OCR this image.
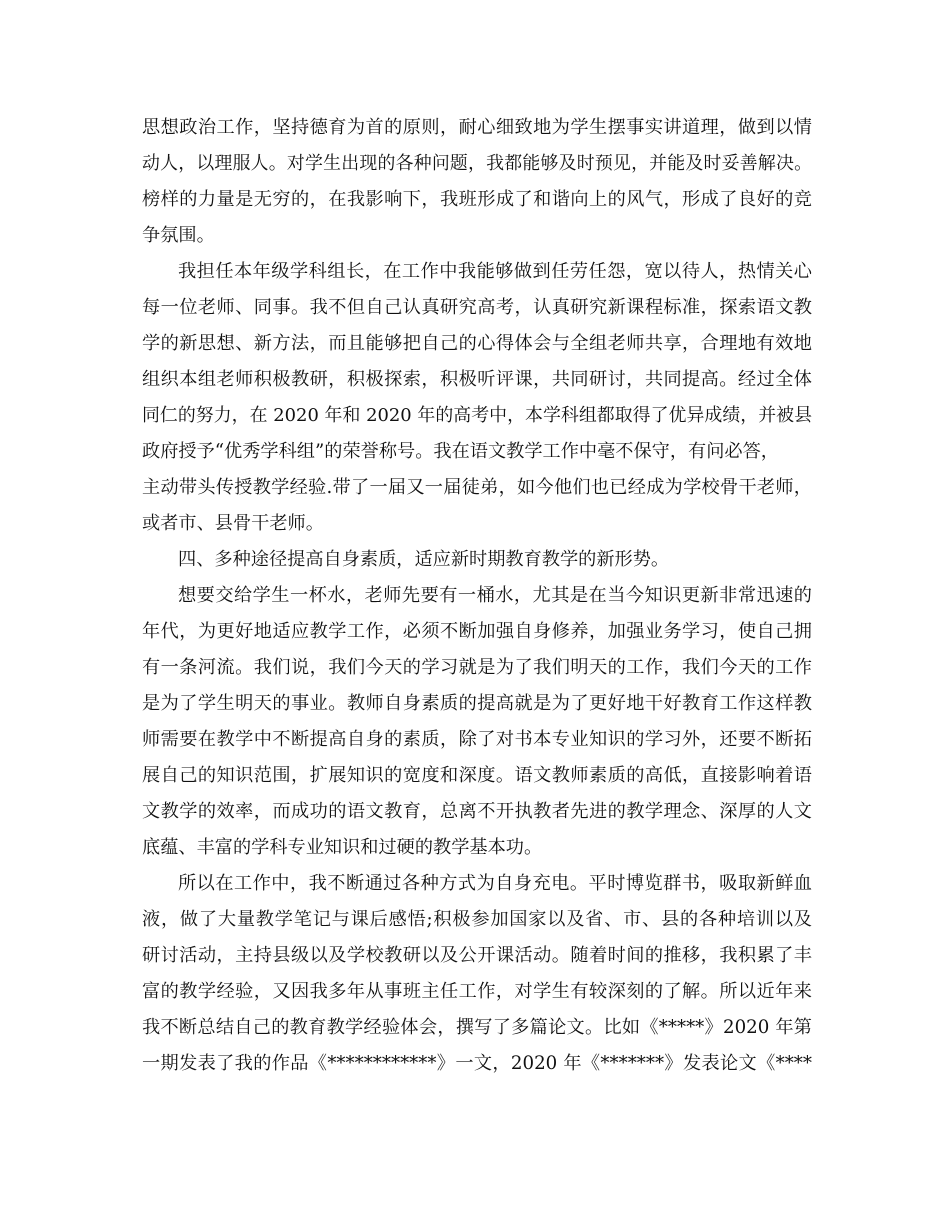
思想政治工作，坚持德育为首的原则，耐心细致地为学生摆事实讲道理，做到以情
动人，以理服人。对学生出现的各种问题，我都能够及时预见，并能及时妥善解决。
榜样的力量是无穷的，在我影响下，我班形成了和谐向上的风气，形成了良好的竞
争氛围。
我担任本年级学科组长，在工作中我能够做到任劳任怨，宽以待人，热情关心
每一位老师、同事。我不但自己认真研究高考，认真研究新课程标准，探索语文教
学的新思想、新方法，而且能够把自己的心得体会与全组老师共享，合理地有效地
组织本组老师积极教研，积极探索，积极听评课，共同研讨，共同提高。经过全体
同仁的努力，在 2020 年和 2020 年的高考中，本学科组都取得了优异成绩，并被县
政府授予“优秀学科组”的荣誉称号。我在语文教学工作中毫不保守，有问必答，
主动带头传授教学经验.带了一届又一届徒弟，如今他们也已经成为学校骨干老师，
或者市、县骨干老师。
四、多种途径提高自身素质，适应新时期教育教学的新形势。
想要交给学生一杯水，老师先要有一桶水，尤其是在当今知识更新非常迅速的
年代，为更好地适应教学工作，必须不断加强自身修养，加强业务学习，使自己拥
有一条河流。我们说，我们今天的学习就是为了我们明天的工作，我们今天的工作
是为了学生明天的事业。教师自身素质的提高就是为了更好地干好教育工作这样教
师需要在教学中不断提高自身的素质，除了对书本专业知识的学习外，还要不断拓
展自己的知识范围，扩展知识的宽度和深度。语文教师素质的高低，直接影响着语
文教学的效率，而成功的语文教育，总离不开执教者先进的教学理念、深厚的人文
底蕴、丰富的学科专业知识和过硬的教学基本功。
所以在工作中，我不断通过各种方式为自身充电。平时博览群书，吸取新鲜血
液，做了大量教学笔记与课后感悟;积极参加国家以及省、市、县的各种培训以及
研讨活动，主持县级以及学校教研以及公开课活动。随着时间的推移，我积累了丰
富的教学经验，又因我多年从事班主任工作，对学生有较深刻的了解。所以近年来
我不断总结自己的教育教学经验体会，撰写了多篇论文。比如《*****》2020 年第
一期发表了我的作品《************》一文，2020 年《*******》发表论文《****
